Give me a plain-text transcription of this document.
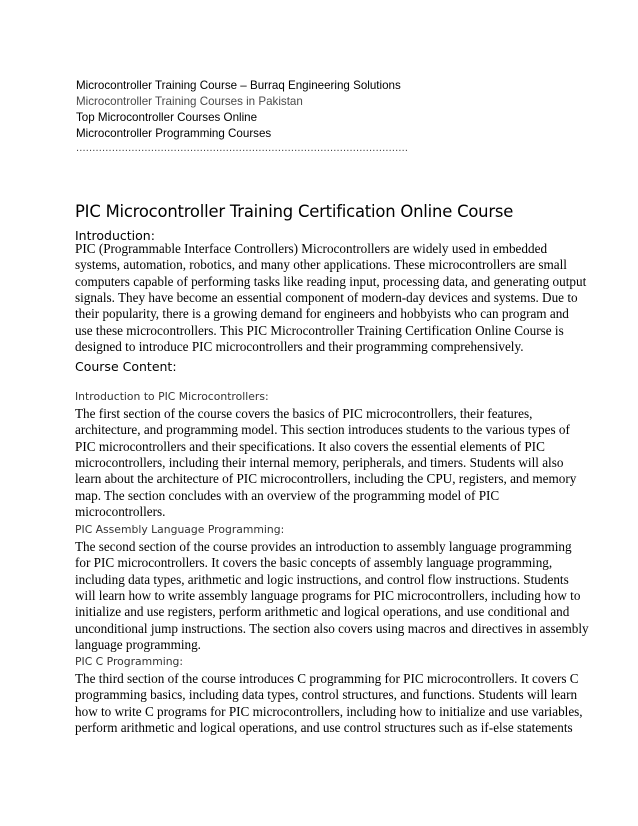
Microcontroller Training Course – Burraq Engineering Solutions
Microcontroller Training Courses in Pakistan
Top Microcontroller Courses Online
Microcontroller Programming Courses
......................................................................................................
PIC Microcontroller Training Certification Online Course
Introduction:
PIC (Programmable Interface Controllers) Microcontrollers are widely used in embedded
systems, automation, robotics, and many other applications. These microcontrollers are small
computers capable of performing tasks like reading input, processing data, and generating output
signals. They have become an essential component of modern-day devices and systems. Due to
their popularity, there is a growing demand for engineers and hobbyists who can program and
use these microcontrollers. This PIC Microcontroller Training Certification Online Course is
designed to introduce PIC microcontrollers and their programming comprehensively.
Course Content:
Introduction to PIC Microcontrollers:
The first section of the course covers the basics of PIC microcontrollers, their features,
architecture, and programming model. This section introduces students to the various types of
PIC microcontrollers and their specifications. It also covers the essential elements of PIC
microcontrollers, including their internal memory, peripherals, and timers. Students will also
learn about the architecture of PIC microcontrollers, including the CPU, registers, and memory
map. The section concludes with an overview of the programming model of PIC
microcontrollers.
PIC Assembly Language Programming:
The second section of the course provides an introduction to assembly language programming
for PIC microcontrollers. It covers the basic concepts of assembly language programming,
including data types, arithmetic and logic instructions, and control flow instructions. Students
will learn how to write assembly language programs for PIC microcontrollers, including how to
initialize and use registers, perform arithmetic and logical operations, and use conditional and
unconditional jump instructions. The section also covers using macros and directives in assembly
language programming.
PIC C Programming:
The third section of the course introduces C programming for PIC microcontrollers. It covers C
programming basics, including data types, control structures, and functions. Students will learn
how to write C programs for PIC microcontrollers, including how to initialize and use variables,
perform arithmetic and logical operations, and use control structures such as if-else statements
